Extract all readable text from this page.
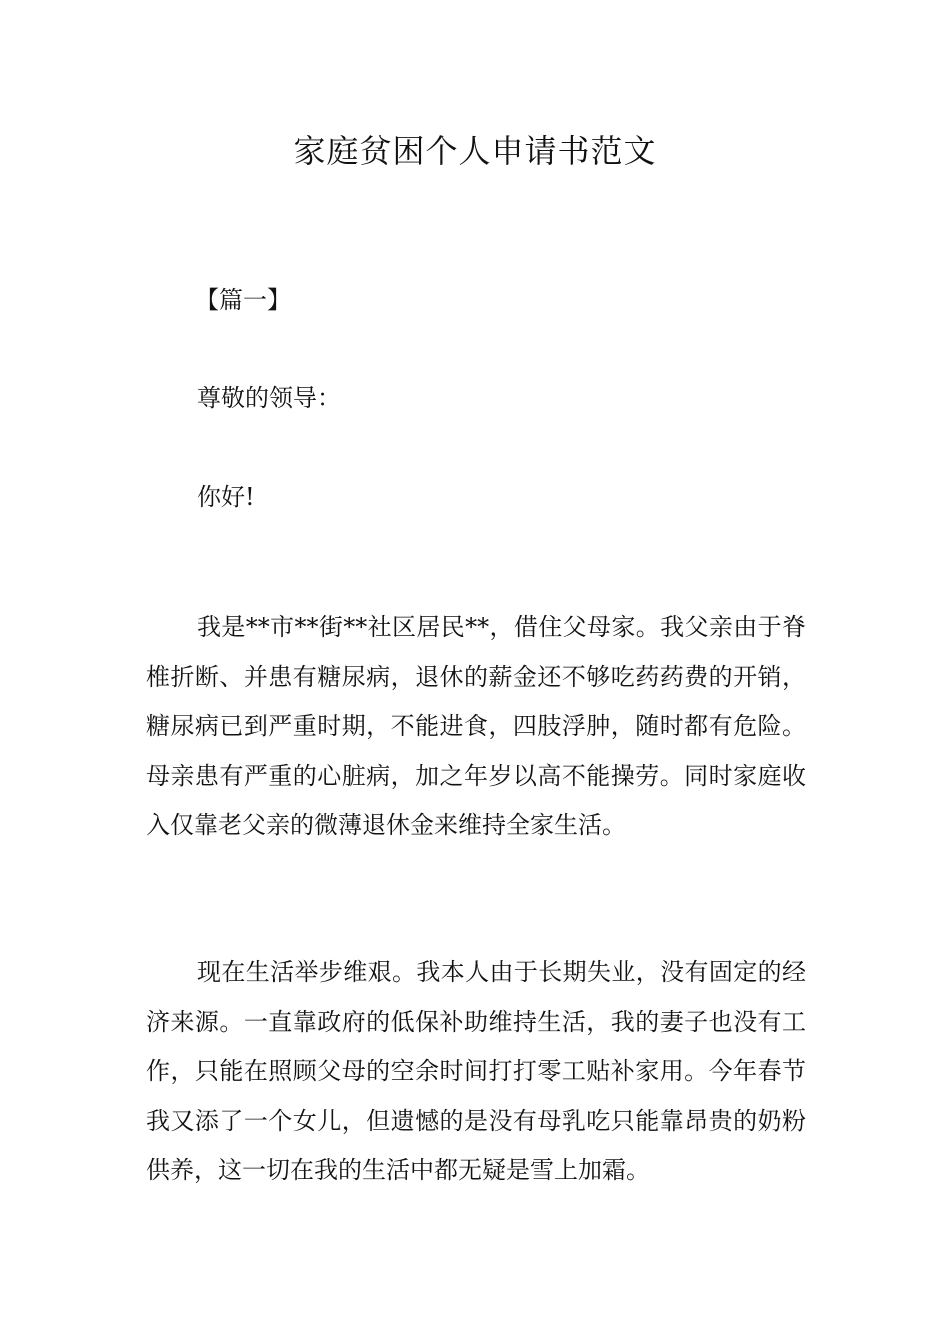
家庭贫困个人申请书范文
【篇一】
尊敬的领导：
你好!

我是**市**街**社区居民**，借住父母家。我父亲由于脊椎折断、并患有糖尿病，退休的薪金还不够吃药药费的开销，糖尿病已到严重时期，不能进食，四肢浮肿，随时都有危险。母亲患有严重的心脏病，加之年岁以高不能操劳。同时家庭收入仅靠老父亲的微薄退休金来维持全家生活。

现在生活举步维艰。我本人由于长期失业，没有固定的经济来源。一直靠政府的低保补助维持生活，我的妻子也没有工作，只能在照顾父母的空余时间打打零工贴补家用。今年春节我又添了一个女儿，但遗憾的是没有母乳吃只能靠昂贵的奶粉供养，这一切在我的生活中都无疑是雪上加霜。
